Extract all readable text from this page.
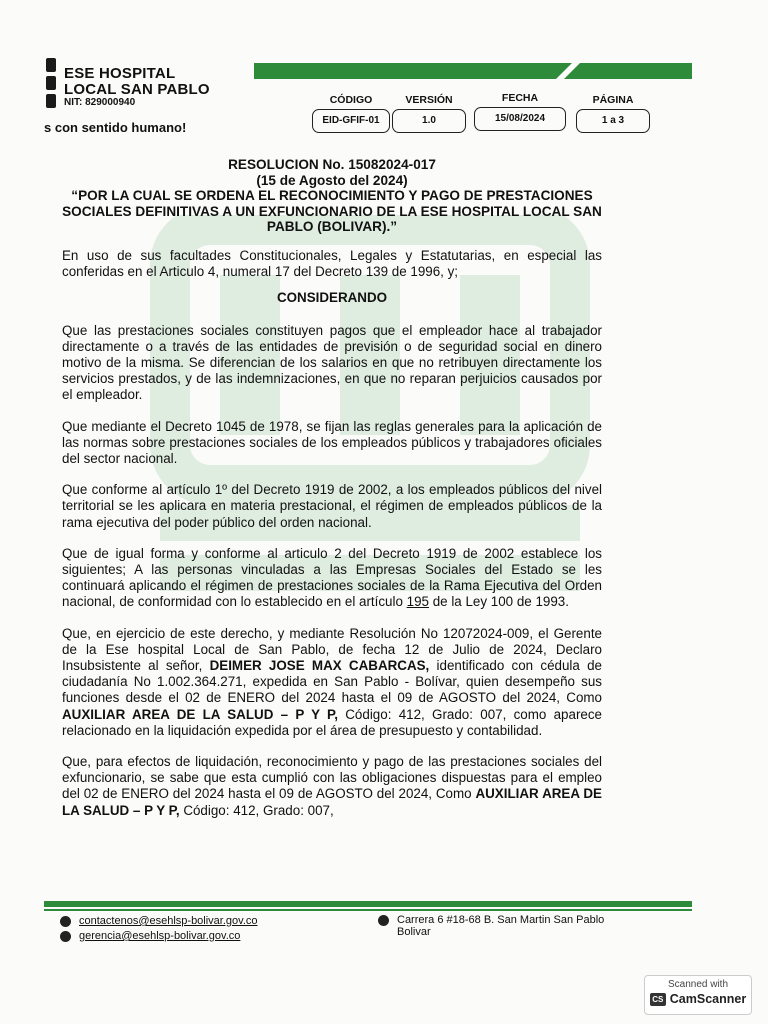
ESE HOSPITAL
LOCAL SAN PABLO
NIT: 829000940
s con sentido humano!
CÓDIGO
EID-GFIF-01
VERSIÓN
1.0
FECHA
15/08/2024
PÁGINA
1 a 3

RESOLUCION No. 15082024-017

(15 de Agosto del 2024)

“POR LA CUAL SE ORDENA EL RECONOCIMIENTO Y PAGO DE PRESTACIONES SOCIALES DEFINITIVAS A UN EXFUNCIONARIO DE LA ESE HOSPITAL LOCAL SAN PABLO (BOLIVAR).”

En uso de sus facultades Constitucionales, Legales y Estatutarias, en especial las conferidas en el Articulo 4, numeral 17 del Decreto 139 de 1996, y;

CONSIDERANDO

Que las prestaciones sociales constituyen pagos que el empleador hace al trabajador directamente o a través de las entidades de previsión o de seguridad social en dinero motivo de la misma. Se diferencian de los salarios en que no retribuyen directamente los servicios prestados, y de las indemnizaciones, en que no reparan perjuicios causados por el empleador.

Que mediante el Decreto 1045 de 1978, se fijan las reglas generales para la aplicación de las normas sobre prestaciones sociales de los empleados públicos y trabajadores oficiales del sector nacional.

Que conforme al artículo 1º del Decreto 1919 de 2002, a los empleados públicos del nivel territorial se les aplicara en materia prestacional, el régimen de empleados públicos de la rama ejecutiva del poder público del orden nacional.

Que de igual forma y conforme al articulo 2 del Decreto 1919 de 2002 establece los siguientes; A las personas vinculadas a las Empresas Sociales del Estado se les continuará aplicando el régimen de prestaciones sociales de la Rama Ejecutiva del Orden nacional, de conformidad con lo establecido en el artículo 195 de la Ley 100 de 1993.

Que, en ejercicio de este derecho, y mediante Resolución No 12072024-009, el Gerente de la Ese hospital Local de San Pablo, de fecha 12 de Julio de 2024, Declaro Insubsistente al señor, DEIMER JOSE MAX CABARCAS, identificado con cédula de ciudadanía No 1.002.364.271, expedida en San Pablo - Bolívar, quien desempeño sus funciones desde el 02 de ENERO del 2024 hasta el 09 de AGOSTO del 2024, Como AUXILIAR AREA DE LA SALUD – P Y P, Código: 412, Grado: 007, como aparece relacionado en la liquidación expedida por el área de presupuesto y contabilidad.

Que, para efectos de liquidación, reconocimiento y pago de las prestaciones sociales del exfuncionario, se sabe que esta cumplió con las obligaciones dispuestas para el empleo del 02 de ENERO del 2024 hasta el 09 de AGOSTO del 2024, Como AUXILIAR AREA DE LA SALUD – P Y P, Código: 412, Grado: 007,

contactenos@esehlsp-bolivar.gov.co
gerencia@esehlsp-bolivar.gov.co
Carrera 6 #18-68 B. San Martin San Pablo
Bolivar
Scanned with
CS CamScanner
